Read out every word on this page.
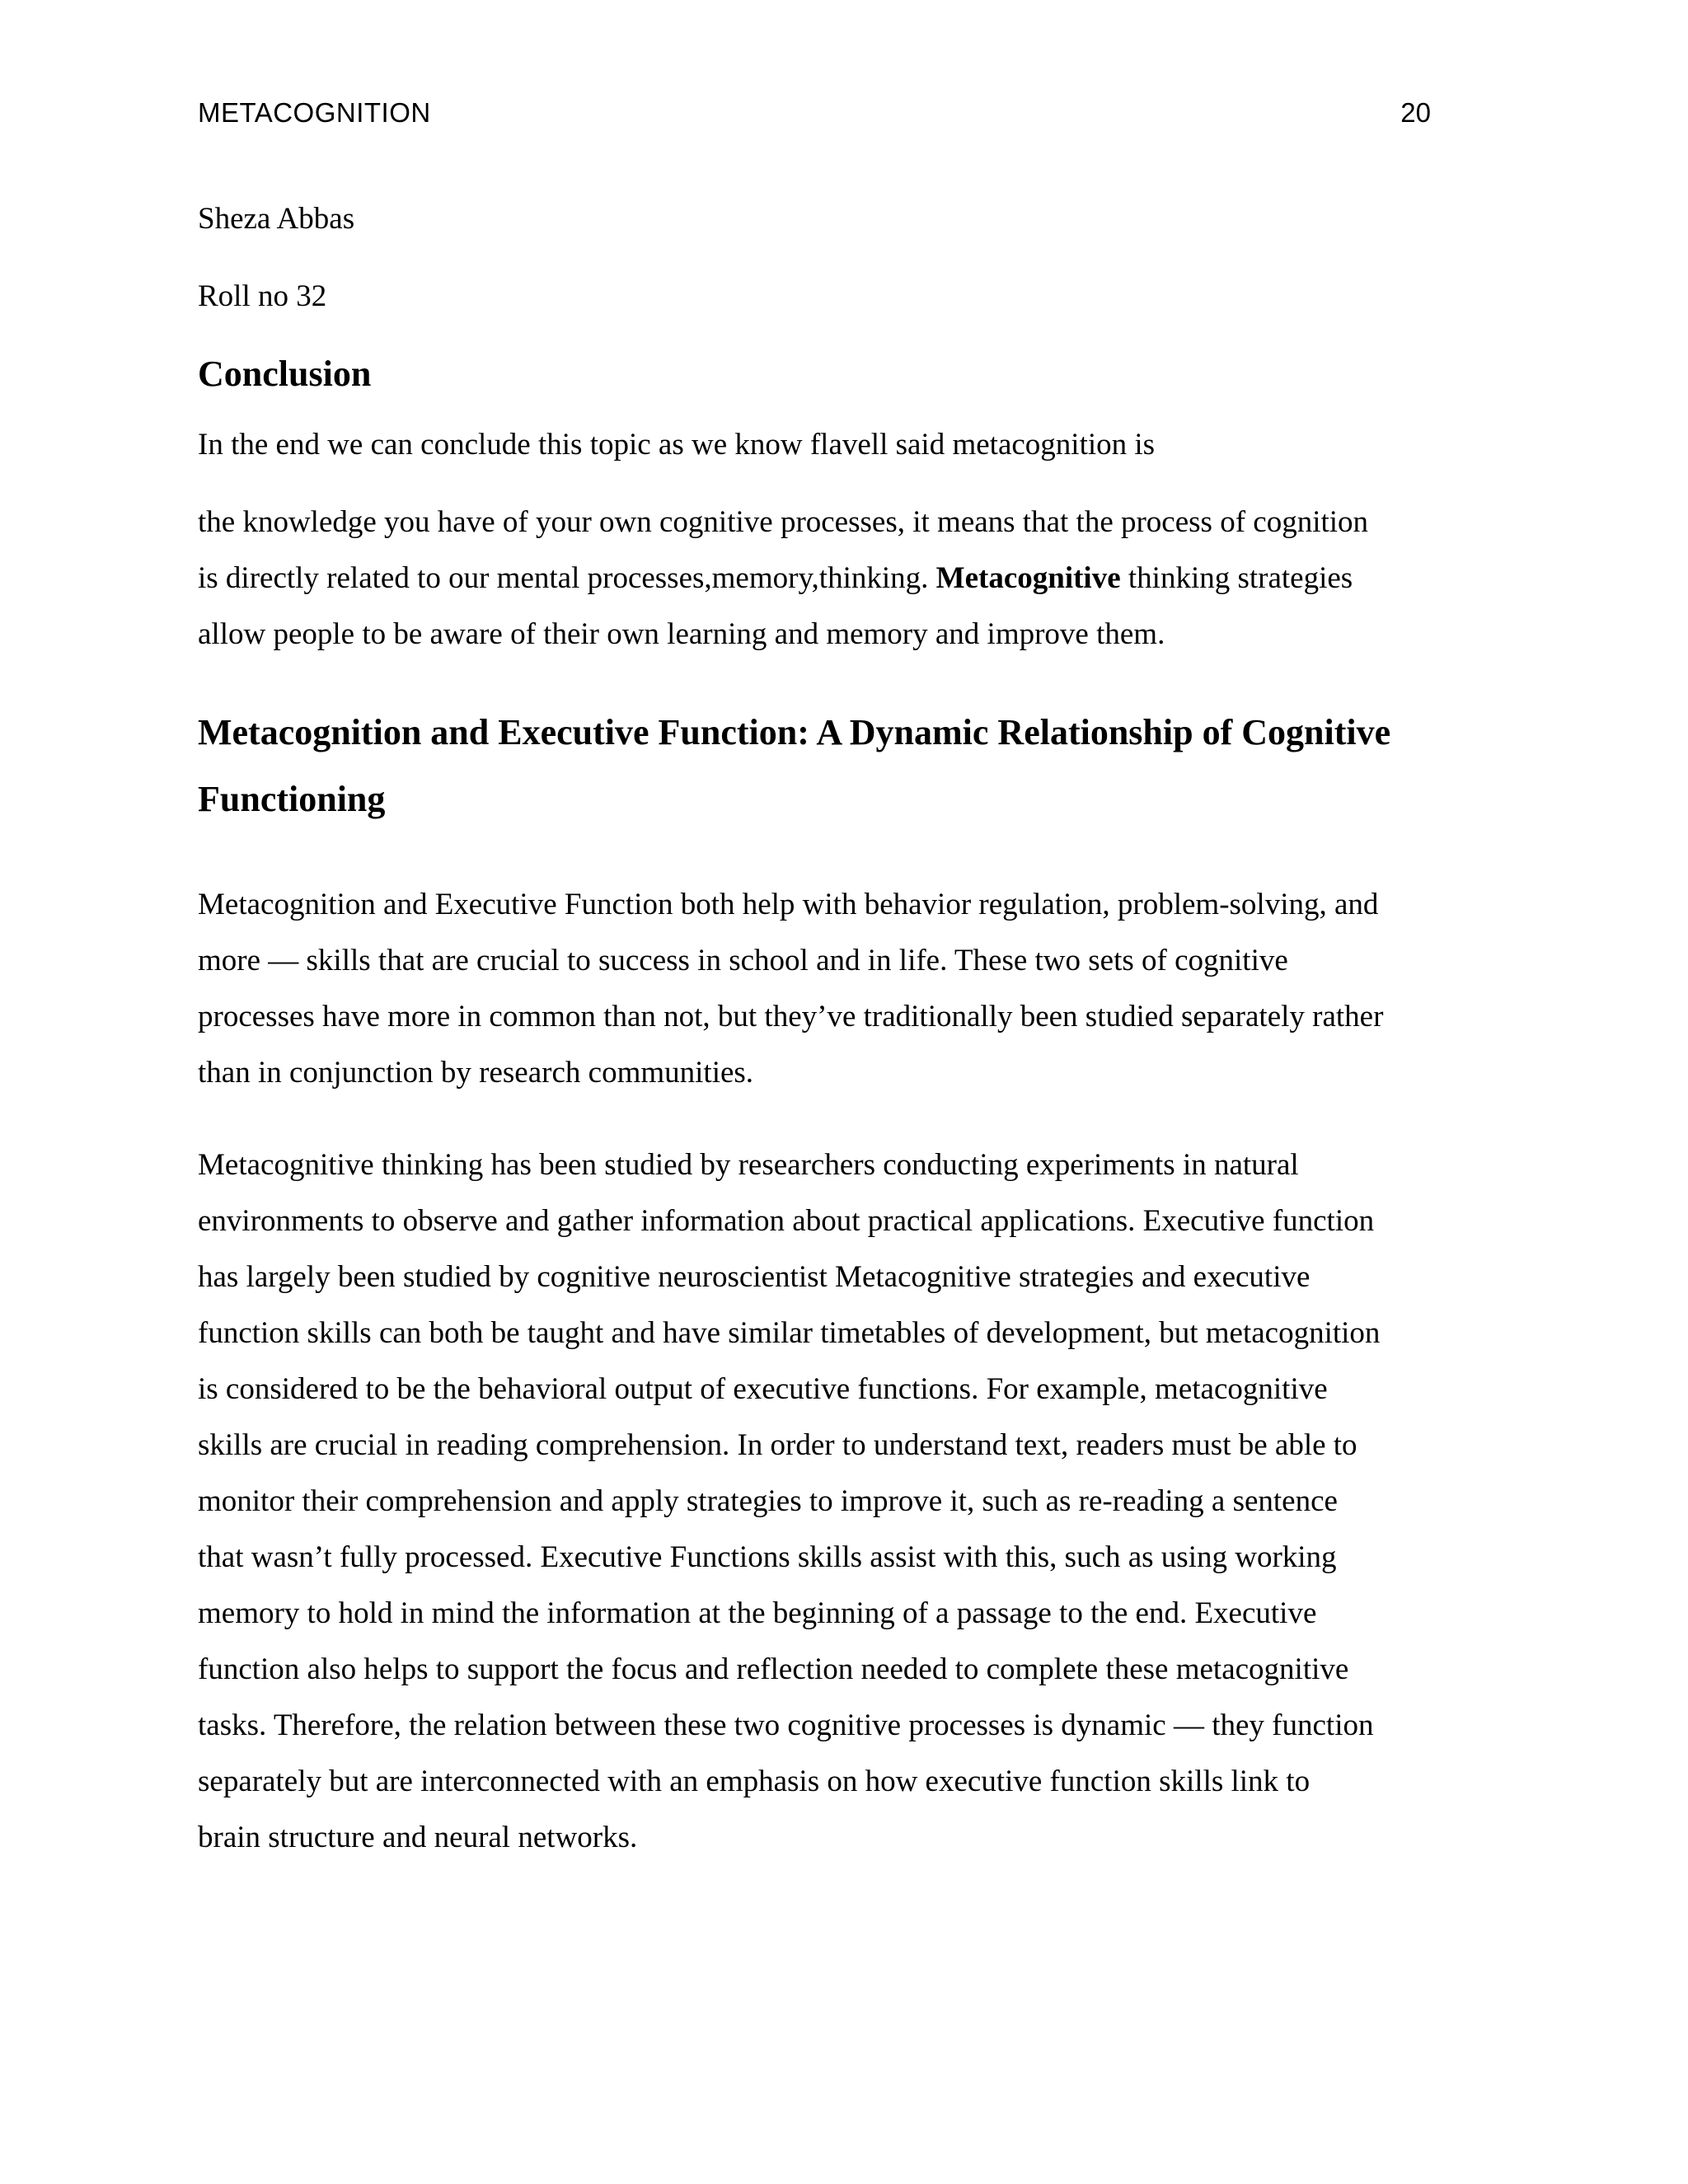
METACOGNITION	20

Sheza Abbas

Roll no 32

Conclusion

In the end we can conclude this topic as we know flavell said metacognition is

the knowledge you have of your own cognitive processes, it means that the process of cognition

is directly related to our mental processes,memory,thinking. Metacognitive thinking strategies

allow people to be aware of their own learning and memory and improve them.

Metacognition and Executive Function: A Dynamic Relationship of Cognitive
Functioning

Metacognition and Executive Function both help with behavior regulation, problem-solving, and

more — skills that are crucial to success in school and in life. These two sets of cognitive

processes have more in common than not, but they’ve traditionally been studied separately rather

than in conjunction by research communities.

Metacognitive thinking has been studied by researchers conducting experiments in natural

environments to observe and gather information about practical applications. Executive function

has largely been studied by cognitive neuroscientist Metacognitive strategies and executive

function skills can both be taught and have similar timetables of development, but metacognition

is considered to be the behavioral output of executive functions. For example, metacognitive

skills are crucial in reading comprehension. In order to understand text, readers must be able to

monitor their comprehension and apply strategies to improve it, such as re-reading a sentence

that wasn’t fully processed. Executive Functions skills assist with this, such as using working

memory to hold in mind the information at the beginning of a passage to the end. Executive

function also helps to support the focus and reflection needed to complete these metacognitive

tasks. Therefore, the relation between these two cognitive processes is dynamic — they function

separately but are interconnected with an emphasis on how executive function skills link to

brain structure and neural networks.
